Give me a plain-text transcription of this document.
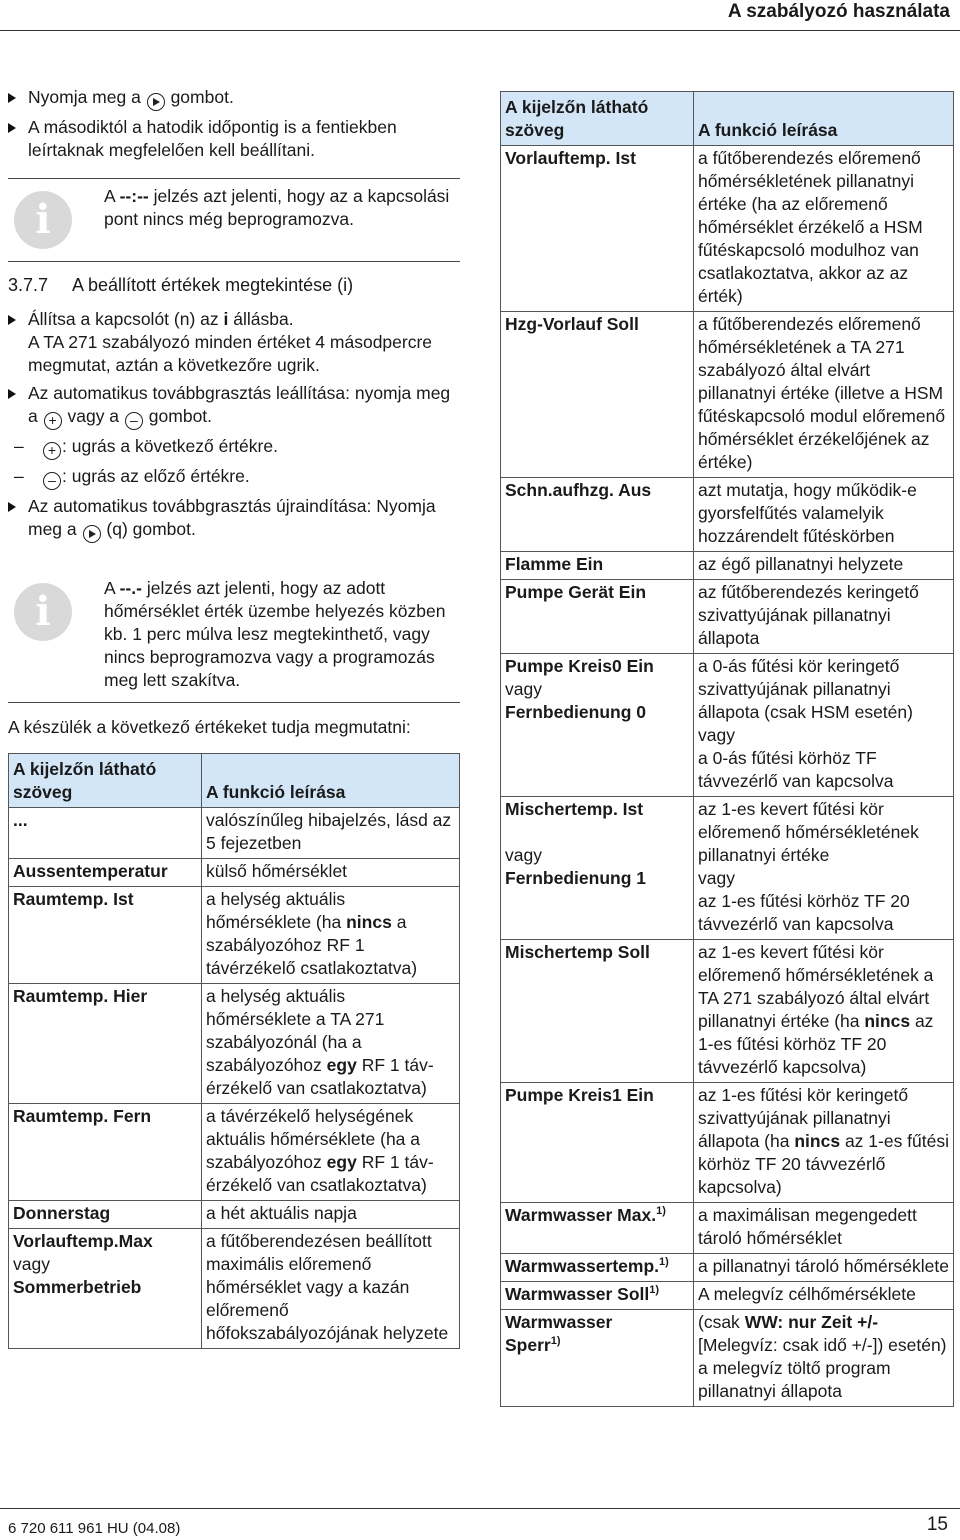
A szabályozó használata
Nyomja meg a gombot.
A másodiktól a hatodik időpontig is a fentiekben leírtaknak megfelelően kell beállítani.
i	A --:-- jelzés azt jelenti, hogy az a kapcsolási pont nincs még beprogramozva.
3.7.7 A beállított értékek megtekintése (i)
Állítsa a kapcsolót (n) az i állásba.
A TA 271 szabályozó minden értéket 4 másodpercre megmutat, aztán a következőre ugrik.
Az automatikus továbbgrasztás leállítása: nyomja meg a + vagy a – gombot.
– + : ugrás a következő értékre.
– – : ugrás az előző értékre.
Az automatikus továbbgrasztás újraindítása: Nyomja meg a (q) gombot.
i	A --.- jelzés azt jelenti, hogy az adott hőmérséklet érték üzembe helyezés közben kb. 1 perc múlva lesz megtekinthető, vagy nincs beprogramozva vagy a programozás meg lett szakítva.
A készülék a következő értékeket tudja megmutatni:
A kijelzőn látható szöveg	A funkció leírása
...	valószínűleg hibajelzés, lásd az 5 fejezetben
Aussentemperatur	külső hőmérséklet
Raumtemp. Ist	a helység aktuális hőmérséklete (ha nincs a szabályozóhoz RF 1 távérzékelő csatlakoztatva)
Raumtemp. Hier	a helység aktuális hőmérséklete a TA 271 szabályozónál (ha a szabályozóhoz egy RF 1 táv-érzékelő van csatlakoztatva)
Raumtemp. Fern	a távérzékelő helységének aktuális hőmérséklete (ha a szabályozóhoz egy RF 1 táv-érzékelő van csatlakoztatva)
Donnerstag	a hét aktuális napja
Vorlauftemp.Max
vagy
Sommerbetrieb	a fűtőberendezésen beállított maximális előremenő hőmérséklet vagy a kazán előremenő hőfokszabályozójának helyzete
A kijelzőn látható szöveg	A funkció leírása
Vorlauftemp. Ist	a fűtőberendezés előremenő hőmérsékletének pillanatnyi értéke (ha az előremenő hőmérséklet érzékelő a HSM fűtéskapcsoló modulhoz van csatlakoztatva, akkor az az érték)
Hzg-Vorlauf Soll	a fűtőberendezés előremenő hőmérsékletének a TA 271 szabályozó által elvárt pillanatnyi értéke (illetve a HSM fűtéskapcsoló modul előremenő hőmérséklet érzékelőjének az értéke)
Schn.aufhzg. Aus	azt mutatja, hogy működik-e gyorsfelfűtés valamelyik hozzárendelt fűtéskörben
Flamme Ein	az égő pillanatnyi helyzete
Pumpe Gerät Ein	az fűtőberendezés keringető szivattyújának pillanatnyi állapota
Pumpe Kreis0 Ein
vagy
Fernbedienung 0	a 0-ás fűtési kör keringető szivattyújának pillanatnyi állapota (csak HSM esetén)
vagy
a 0-ás fűtési körhöz TF távvezérlő van kapcsolva
Mischertemp. Ist

vagy
Fernbedienung 1	az 1-es kevert fűtési kör előremenő hőmérsékletének pillanatnyi értéke
vagy
az 1-es fűtési körhöz TF 20 távvezérlő van kapcsolva
Mischertemp Soll	az 1-es kevert fűtési kör előremenő hőmérsékletének a TA 271 szabályozó által elvárt pillanatnyi értéke (ha nincs az 1-es fűtési körhöz TF 20 távvezérlő kapcsolva)
Pumpe Kreis1 Ein	az 1-es fűtési kör keringető szivattyújának pillanatnyi állapota (ha nincs az 1-es fűtési körhöz TF 20 távvezérlő kapcsolva)
Warmwasser Max.$^{1)}$	a maximálisan megengedett tároló hőmérséklet
Warmwassertemp.$^{1)}$	a pillanatnyi tároló hőmérséklete
Warmwasser Soll$^{1)}$	A melegvíz célhőmérséklete
Warmwasser
Sperr$^{1)}$	(csak WW: nur Zeit +/- [Melegvíz: csak idő +/-]) esetén) a melegvíz töltő program pillanatnyi állapota
6 720 611 961 HU (04.08)	15
